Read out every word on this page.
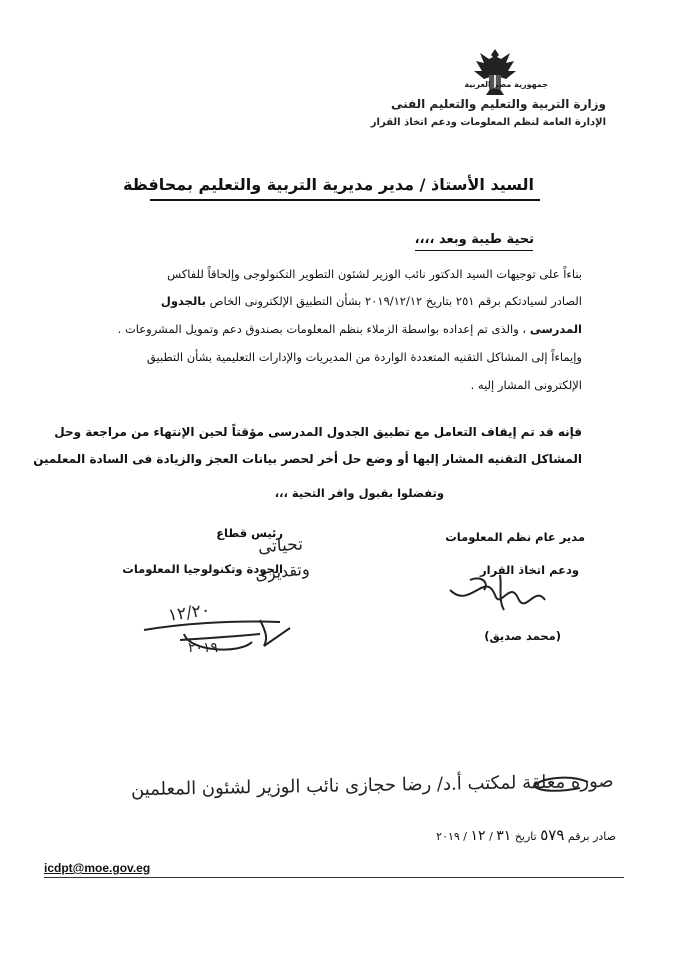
جمهورية مصر العربية
وزارة التربية والتعليم والتعليم الفنى
الإدارة العامة لنظم المعلومات ودعم اتخاذ القرار
السيد الأستاذ / مدير مديرية التربية والتعليم بمحافظة
تحية طيبة وبعد ،،،،
بناءاً على توجيهات السيد الدكتور نائب الوزير لشئون التطوير التكنولوجى وإلحاقاً للفاكس
الصادر لسيادتكم برقم ٢٥١ بتاريخ ٢٠١٩/١٢/١٢ بشأن التطبيق الإلكترونى الخاص بالجدول
المدرسى ، والذى تم إعداده بواسطة الزملاء بنظم المعلومات بصندوق دعم وتمويل المشروعات .
وإيماءاً إلى المشاكل التقنيه المتعددة الواردة من المديريات والإدارات التعليمية بشأن التطبيق
الإلكترونى المشار إليه .
فإنه قد تم إيقاف التعامل مع تطبيق الجدول المدرسى مؤقتاً لحين الإنتهاء من مراجعة وحل
المشاكل التقنيه المشار إليها أو وضع حل أخر لحصر بيانات العجز والزيادة فى السادة المعلمين
وتفضلوا بقبول وافر التحية ،،،
مدير عام نظم المعلومات
ودعم اتخاذ القرار
(محمد صديق)
رئيس قطاع
الجودة وتكنولوجيا المعلومات
تحياتى
وتقديرى
١٢/٢٠
٢٠١٩
صورة معلقة لمكتب أ.د/ رضا حجازى نائب الوزير لشئون المعلمين
صادر برقم ٥٧٩ تاريخ ٣١ / ١٢ / ٢٠١٩
icdpt@moe.gov.eg
